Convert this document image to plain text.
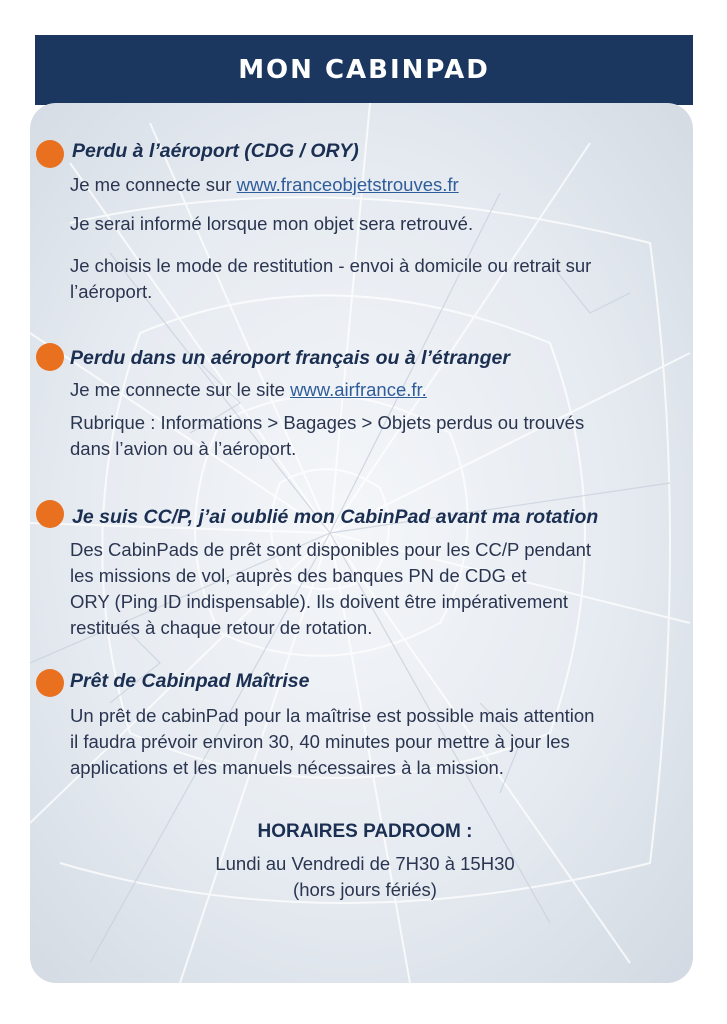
MON CABINPAD
Perdu à l’aéroport (CDG / ORY)
Je me connecte sur www.franceobjetstrouves.fr
Je serai informé lorsque mon objet sera retrouvé.
Je choisis le mode de restitution - envoi à domicile ou retrait sur
l’aéroport.
Perdu dans un aéroport français ou à l’étranger
Je me connecte sur le site www.airfrance.fr.
Rubrique : Informations > Bagages > Objets perdus ou trouvés
dans l’avion ou à l’aéroport.
Je suis CC/P, j’ai oublié mon CabinPad avant ma rotation
Des CabinPads de prêt sont disponibles pour les CC/P pendant
les missions de vol, auprès des banques PN de CDG et
ORY (Ping ID indispensable). Ils doivent être impérativement
restitués à chaque retour de rotation.
Prêt de Cabinpad Maîtrise
Un prêt de cabinPad pour la maîtrise est possible mais attention
il faudra prévoir environ 30, 40 minutes pour mettre à jour les
applications et les manuels nécessaires à la mission.
HORAIRES PADROOM :
Lundi au Vendredi de 7H30 à 15H30
(hors jours fériés)
